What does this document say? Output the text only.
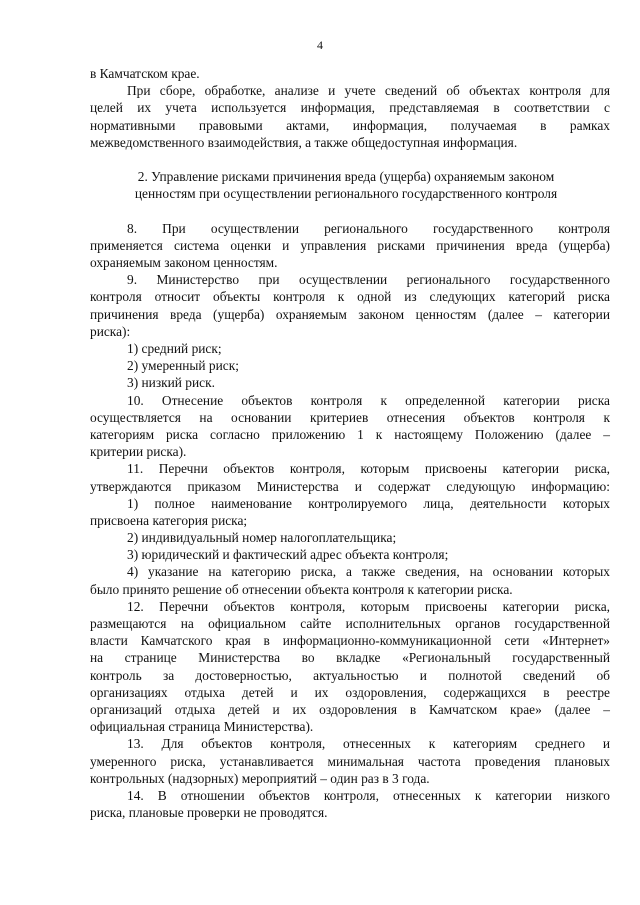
4
в Камчатском крае.
При сборе, обработке, анализе и учете сведений об объектах контроля для
целей их учета используется информация, представляемая в соответствии с
нормативными правовыми актами, информация, получаемая в рамках
межведомственного взаимодействия, а также общедоступная информация.
2. Управление рисками причинения вреда (ущерба) охраняемым законом
ценностям при осуществлении регионального государственного контроля
8. При осуществлении регионального государственного контроля
применяется система оценки и управления рисками причинения вреда (ущерба)
охраняемым законом ценностям.
9. Министерство при осуществлении регионального государственного
контроля относит объекты контроля к одной из следующих категорий риска
причинения вреда (ущерба) охраняемым законом ценностям (далее – категории
риска):
1) средний риск;
2) умеренный риск;
3) низкий риск.
10. Отнесение объектов контроля к определенной категории риска
осуществляется на основании критериев отнесения объектов контроля к
категориям риска согласно приложению 1 к настоящему Положению (далее –
критерии риска).
11. Перечни объектов контроля, которым присвоены категории риска,
утверждаются приказом Министерства и содержат следующую информацию:
1) полное наименование контролируемого лица, деятельности которых
присвоена категория риска;
2) индивидуальный номер налогоплательщика;
3) юридический и фактический адрес объекта контроля;
4) указание на категорию риска, а также сведения, на основании которых
было принято решение об отнесении объекта контроля к категории риска.
12. Перечни объектов контроля, которым присвоены категории риска,
размещаются на официальном сайте исполнительных органов государственной
власти Камчатского края в информационно-коммуникационной сети «Интернет»
на странице Министерства во вкладке «Региональный государственный
контроль за достоверностью, актуальностью и полнотой сведений об
организациях отдыха детей и их оздоровления, содержащихся в реестре
организаций отдыха детей и их оздоровления в Камчатском крае» (далее –
официальная страница Министерства).
13. Для объектов контроля, отнесенных к категориям среднего и
умеренного риска, устанавливается минимальная частота проведения плановых
контрольных (надзорных) мероприятий – один раз в 3 года.
14. В отношении объектов контроля, отнесенных к категории низкого
риска, плановые проверки не проводятся.
